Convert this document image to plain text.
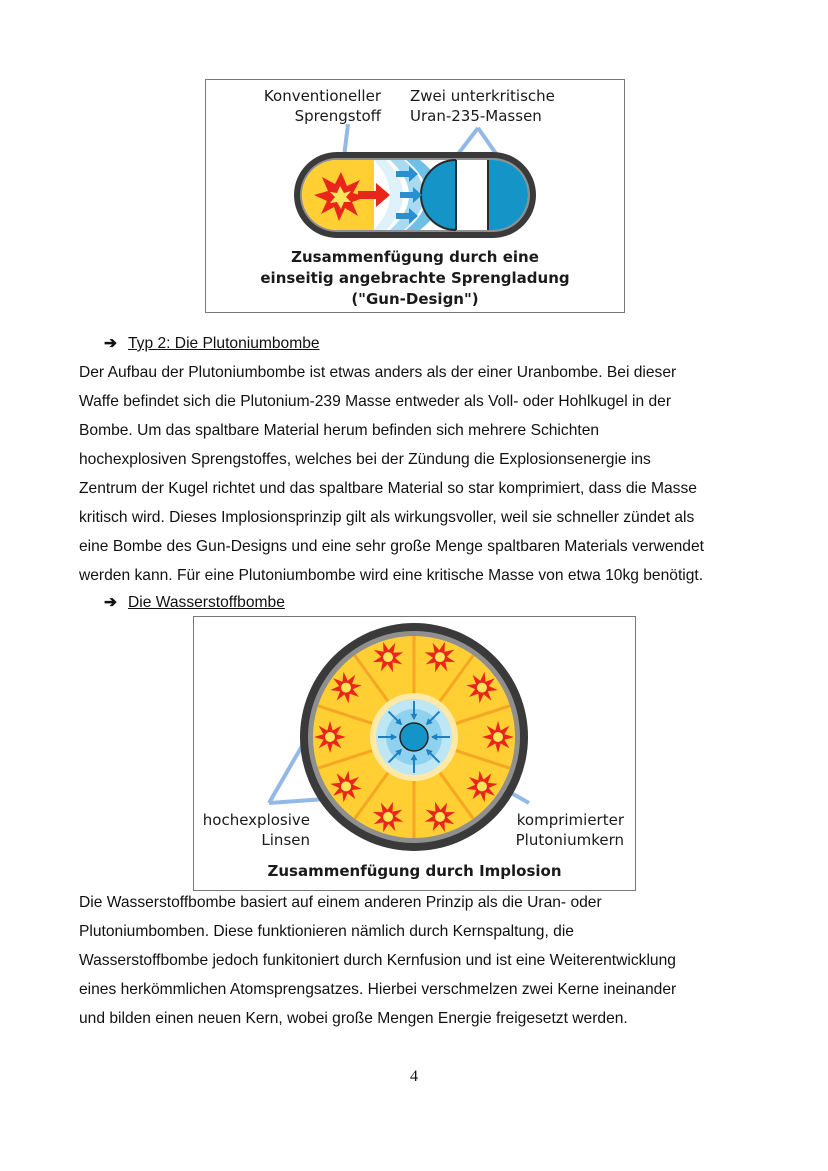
Konventioneller
Sprengstoff
Zwei unterkritische
Uran-235-Massen
Zusammenfügung durch eine
einseitig angebrachte Sprengladung
("Gun-Design")
➔ Typ 2: Die Plutoniumbombe
Der Aufbau der Plutoniumbombe ist etwas anders als der einer Uranbombe. Bei dieser
Waffe befindet sich die Plutonium-239 Masse entweder als Voll- oder Hohlkugel in der
Bombe. Um das spaltbare Material herum befinden sich mehrere Schichten
hochexplosiven Sprengstoffes, welches bei der Zündung die Explosionsenergie ins
Zentrum der Kugel richtet und das spaltbare Material so star komprimiert, dass die Masse
kritisch wird. Dieses Implosionsprinzip gilt als wirkungsvoller, weil sie schneller zündet als
eine Bombe des Gun-Designs und eine sehr große Menge spaltbaren Materials verwendet
werden kann. Für eine Plutoniumbombe wird eine kritische Masse von etwa 10kg benötigt.
➔ Die Wasserstoffbombe
hochexplosive
Linsen
komprimierter
Plutoniumkern
Zusammenfügung durch Implosion
Die Wasserstoffbombe basiert auf einem anderen Prinzip als die Uran- oder
Plutoniumbomben. Diese funktionieren nämlich durch Kernspaltung, die
Wasserstoffbombe jedoch funkitoniert durch Kernfusion und ist eine Weiterentwicklung
eines herkömmlichen Atomsprengsatzes. Hierbei verschmelzen zwei Kerne ineinander
und bilden einen neuen Kern, wobei große Mengen Energie freigesetzt werden.
4
